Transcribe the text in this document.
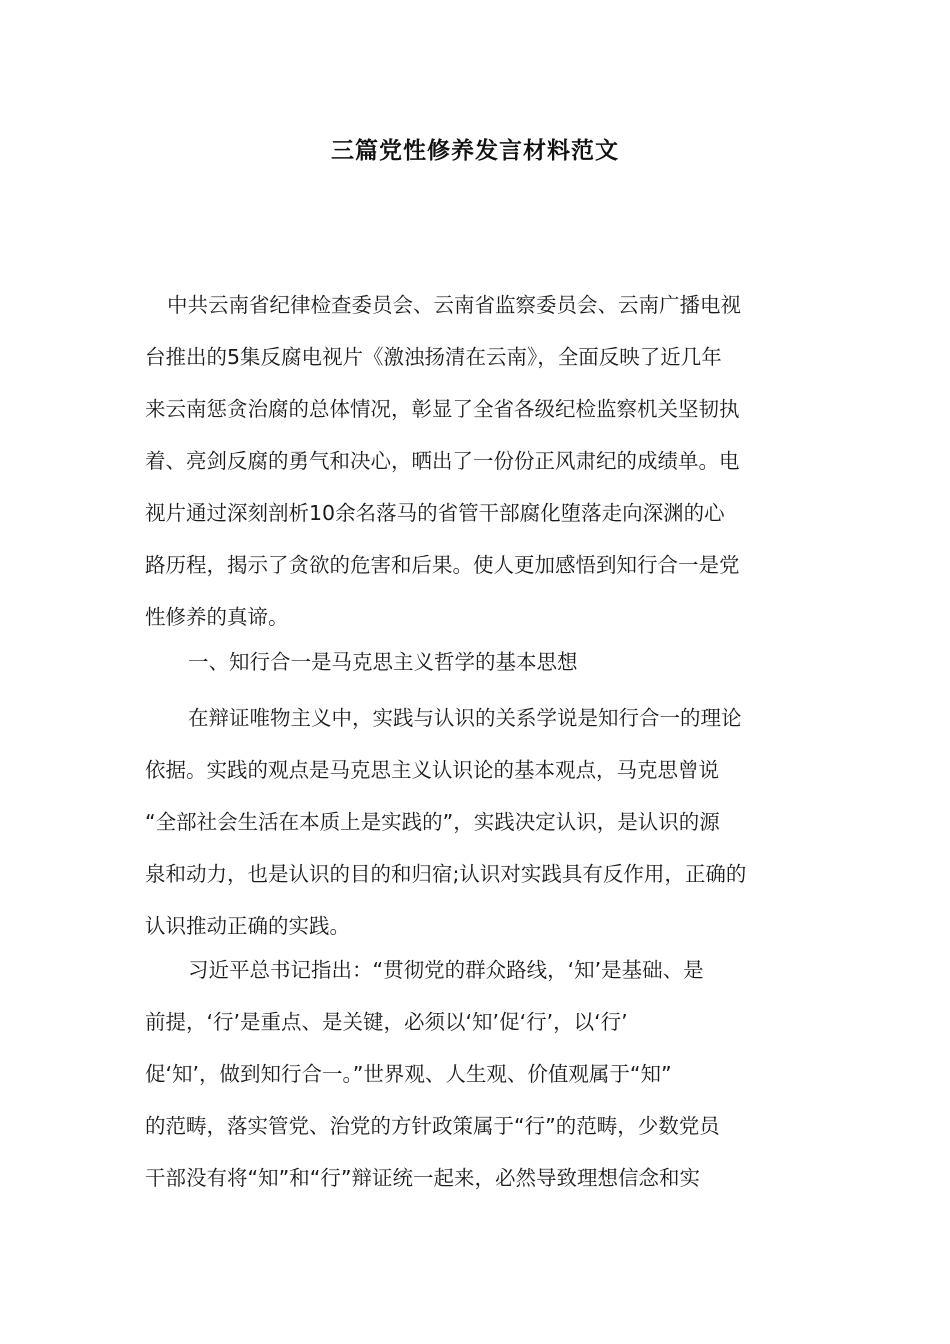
三篇党性修养发言材料范文
中共云南省纪律检查委员会、云南省监察委员会、云南广播电视
台推出的5集反腐电视片《激浊扬清在云南》，全面反映了近几年
来云南惩贪治腐的总体情况，彰显了全省各级纪检监察机关坚韧执
着、亮剑反腐的勇气和决心，晒出了一份份正风肃纪的成绩单。电
视片通过深刻剖析10余名落马的省管干部腐化堕落走向深渊的心
路历程，揭示了贪欲的危害和后果。使人更加感悟到知行合一是党
性修养的真谛。
一、知行合一是马克思主义哲学的基本思想
在辩证唯物主义中，实践与认识的关系学说是知行合一的理论
依据。实践的观点是马克思主义认识论的基本观点，马克思曾说
“全部社会生活在本质上是实践的”，实践决定认识，是认识的源
泉和动力，也是认识的目的和归宿;认识对实践具有反作用，正确的
认识推动正确的实践。
习近平总书记指出：“贯彻党的群众路线，‘知’是基础、是
前提，‘行’是重点、是关键，必须以‘知’促‘行’，以‘行’
促‘知’，做到知行合一。”世界观、人生观、价值观属于“知”
的范畴，落实管党、治党的方针政策属于“行”的范畴，少数党员
干部没有将“知”和“行”辩证统一起来，必然导致理想信念和实
